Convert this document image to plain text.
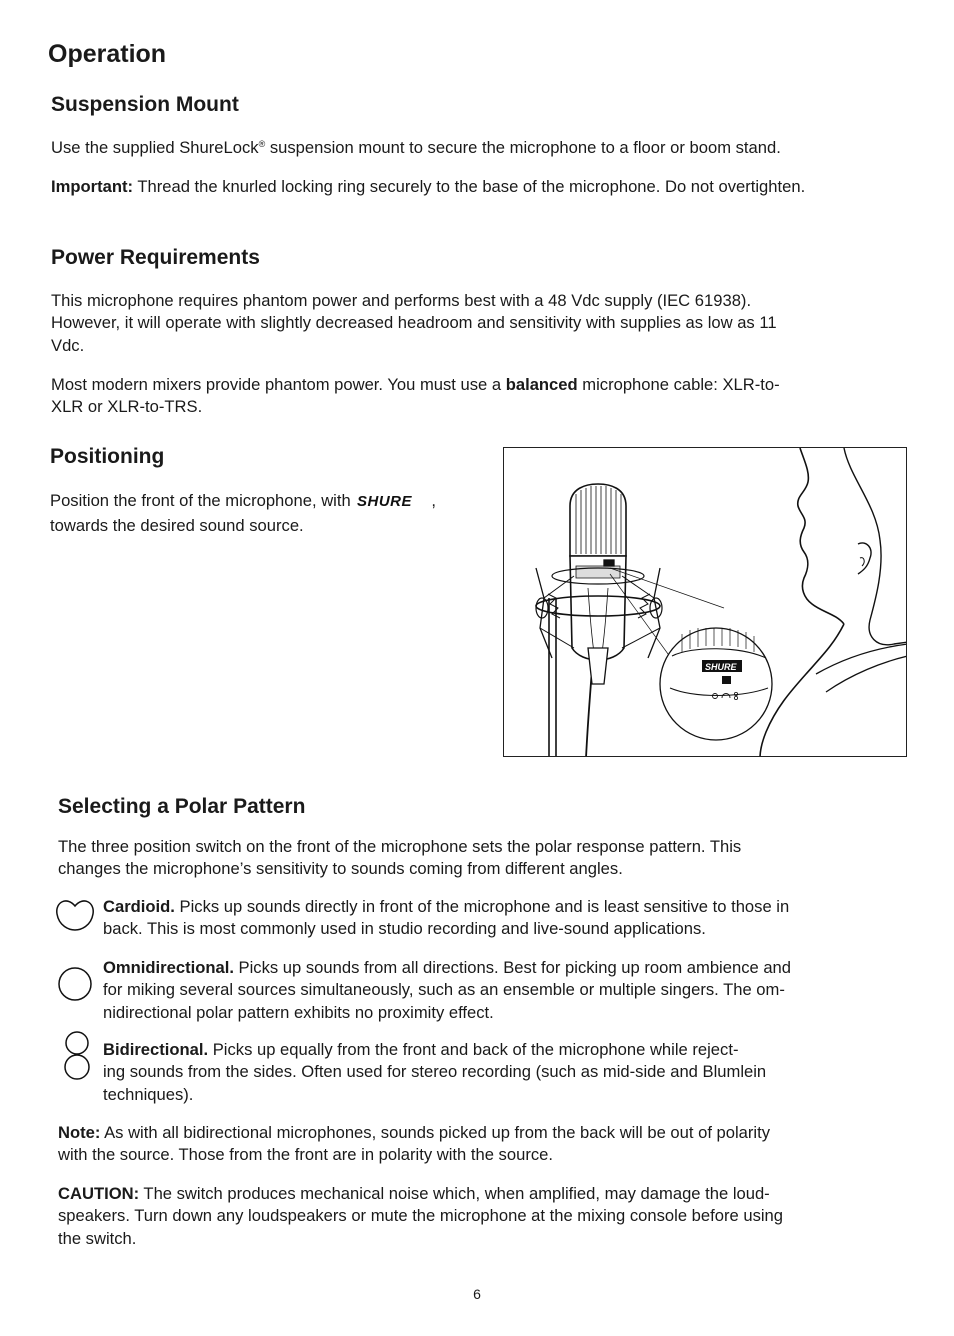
Operation
Suspension Mount

Use the supplied ShureLock® suspension mount to secure the microphone to a floor or boom stand.

Important: Thread the knurled locking ring securely to the base of the microphone. Do not overtighten.

Power Requirements

This microphone requires phantom power and performs best with a 48 Vdc supply (IEC 61938).
However, it will operate with slightly decreased headroom and sensitivity with supplies as low as 11
Vdc.

Most modern mixers provide phantom power. You must use a balanced microphone cable: XLR-to-
XLR or XLR-to-TRS.

Positioning

Position the front of the microphone, with SHURE ,
towards the desired sound source.

SHURE
Selecting a Polar Pattern

The three position switch on the front of the microphone sets the polar response pattern. This
changes the microphone’s sensitivity to sounds coming from different angles.

Cardioid. Picks up sounds directly in front of the microphone and is least sensitive to those in
back. This is most commonly used in studio recording and live-sound applications.

Omnidirectional. Picks up sounds from all directions. Best for picking up room ambience and
for miking several sources simultaneously, such as an ensemble or multiple singers. The om-
nidirectional polar pattern exhibits no proximity effect.

Bidirectional. Picks up equally from the front and back of the microphone while reject-
ing sounds from the sides. Often used for stereo recording (such as mid-side and Blumlein
techniques).

Note: As with all bidirectional microphones, sounds picked up from the back will be out of polarity
with the source. Those from the front are in polarity with the source.

CAUTION: The switch produces mechanical noise which, when amplified, may damage the loud-
speakers. Turn down any loudspeakers or mute the microphone at the mixing console before using
the switch.

6
